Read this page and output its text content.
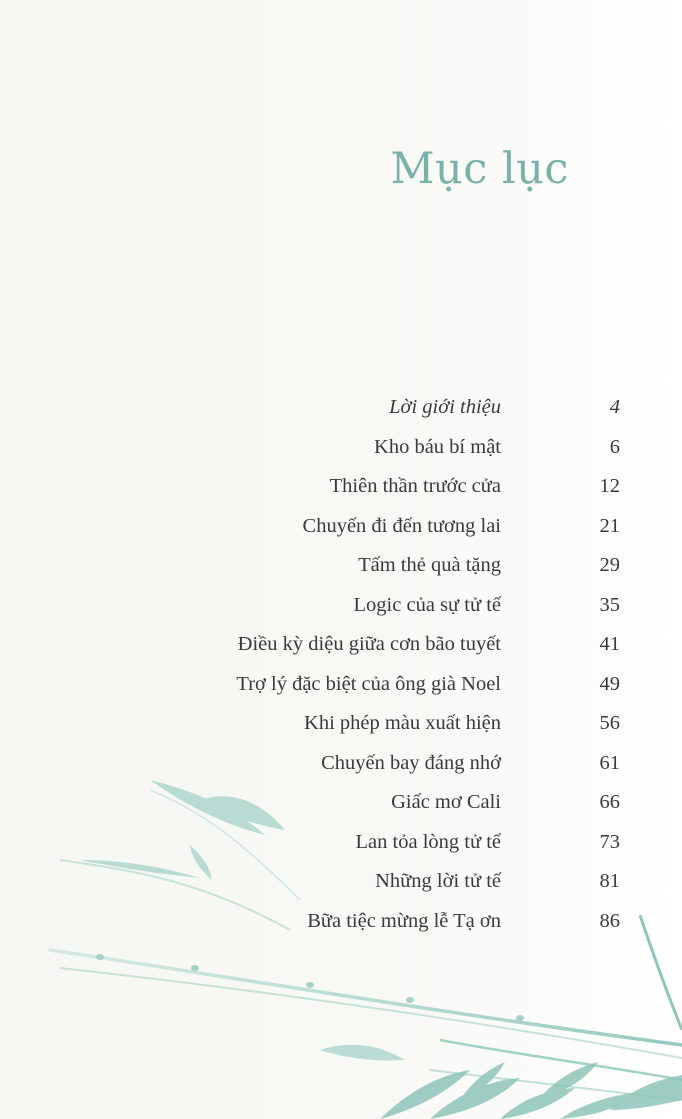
Mục lục
Lời giới thiệu	4
Kho báu bí mật	6
Thiên thần trước cửa	12
Chuyến đi đến tương lai	21
Tấm thẻ quà tặng	29
Logic của sự tử tế	35
Điều kỳ diệu giữa cơn bão tuyết	41
Trợ lý đặc biệt của ông già Noel	49
Khi phép màu xuất hiện	56
Chuyến bay đáng nhớ	61
Giấc mơ Cali	66
Lan tỏa lòng tử tế	73
Những lời tử tế	81
Bữa tiệc mừng lễ Tạ ơn	86
